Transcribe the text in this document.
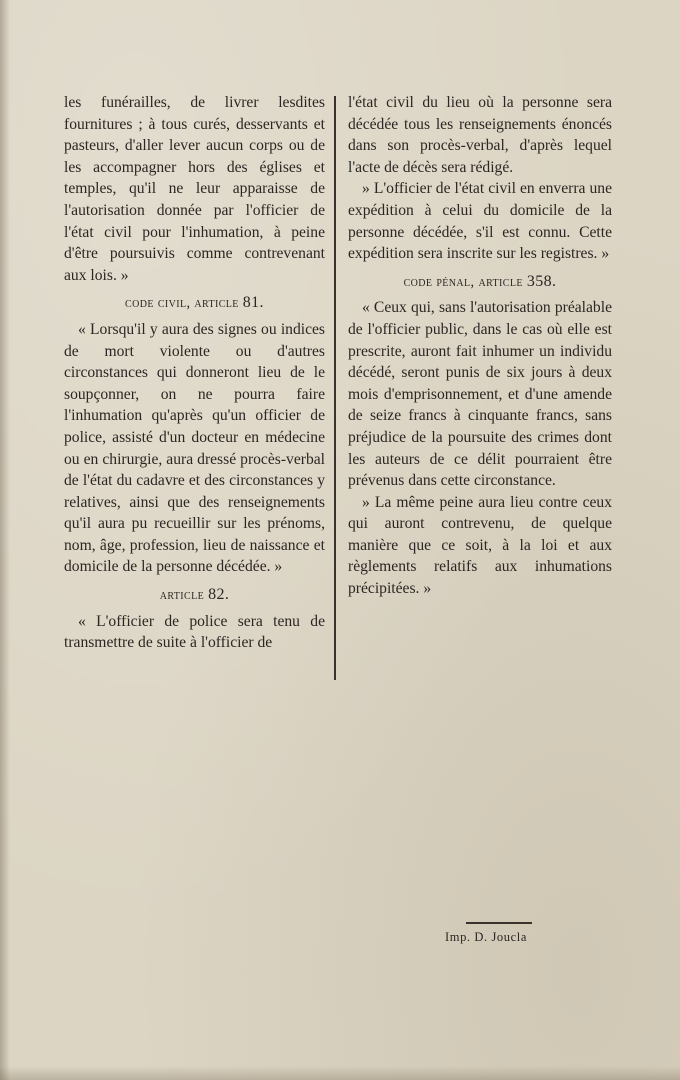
les funérailles, de livrer lesdites fournitures ; à tous curés, desservants et pasteurs, d'aller lever aucun corps ou de les accompagner hors des églises et temples, qu'il ne leur apparaisse de l'autorisation donnée par l'officier de l'état civil pour l'inhumation, à peine d'être poursuivis comme contrevenant aux lois. »

code civil, article 81.

« Lorsqu'il y aura des signes ou indices de mort violente ou d'autres circonstances qui donneront lieu de le soupçonner, on ne pourra faire l'inhumation qu'après qu'un officier de police, assisté d'un docteur en médecine ou en chirurgie, aura dressé procès-verbal de l'état du cadavre et des circonstances y relatives, ainsi que des renseignements qu'il aura pu recueillir sur les prénoms, nom, âge, profession, lieu de naissance et domicile de la personne décédée. »

article 82.

« L'officier de police sera tenu de transmettre de suite à l'officier de

l'état civil du lieu où la personne sera décédée tous les renseignements énoncés dans son procès-verbal, d'après lequel l'acte de décès sera rédigé.

» L'officier de l'état civil en enverra une expédition à celui du domicile de la personne décédée, s'il est connu. Cette expédition sera inscrite sur les registres. »

code pénal, article 358.

« Ceux qui, sans l'autorisation préalable de l'officier public, dans le cas où elle est prescrite, auront fait inhumer un individu décédé, seront punis de six jours à deux mois d'emprisonnement, et d'une amende de seize francs à cinquante francs, sans préjudice de la poursuite des crimes dont les auteurs de ce délit pourraient être prévenus dans cette circonstance.

» La même peine aura lieu contre ceux qui auront contrevenu, de quelque manière que ce soit, à la loi et aux règlements relatifs aux inhumations précipitées. »

Imp. D. Joucla
